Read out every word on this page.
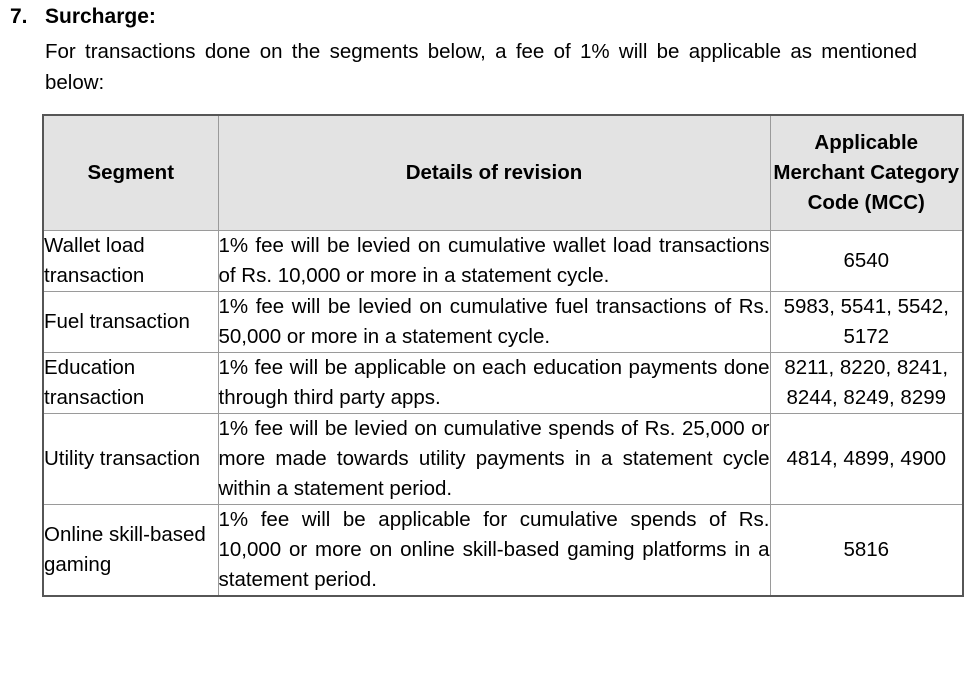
7. Surcharge:
For transactions done on the segments below, a fee of 1% will be applicable as mentioned below:
Segment	Details of revision	Applicable Merchant Category Code (MCC)
Wallet load transaction	1% fee will be levied on cumulative wallet load transactions of Rs. 10,000 or more in a statement cycle.	6540
Fuel transaction	1% fee will be levied on cumulative fuel transactions of Rs. 50,000 or more in a statement cycle.	5983, 5541, 5542, 5172
Education transaction	1% fee will be applicable on each education payments done through third party apps.	8211, 8220, 8241, 8244, 8249, 8299
Utility transaction	1% fee will be levied on cumulative spends of Rs. 25,000 or more made towards utility payments in a statement cycle within a statement period.	4814, 4899, 4900
Online skill-based gaming	1% fee will be applicable for cumulative spends of Rs. 10,000 or more on online skill-based gaming platforms in a statement period.	5816
